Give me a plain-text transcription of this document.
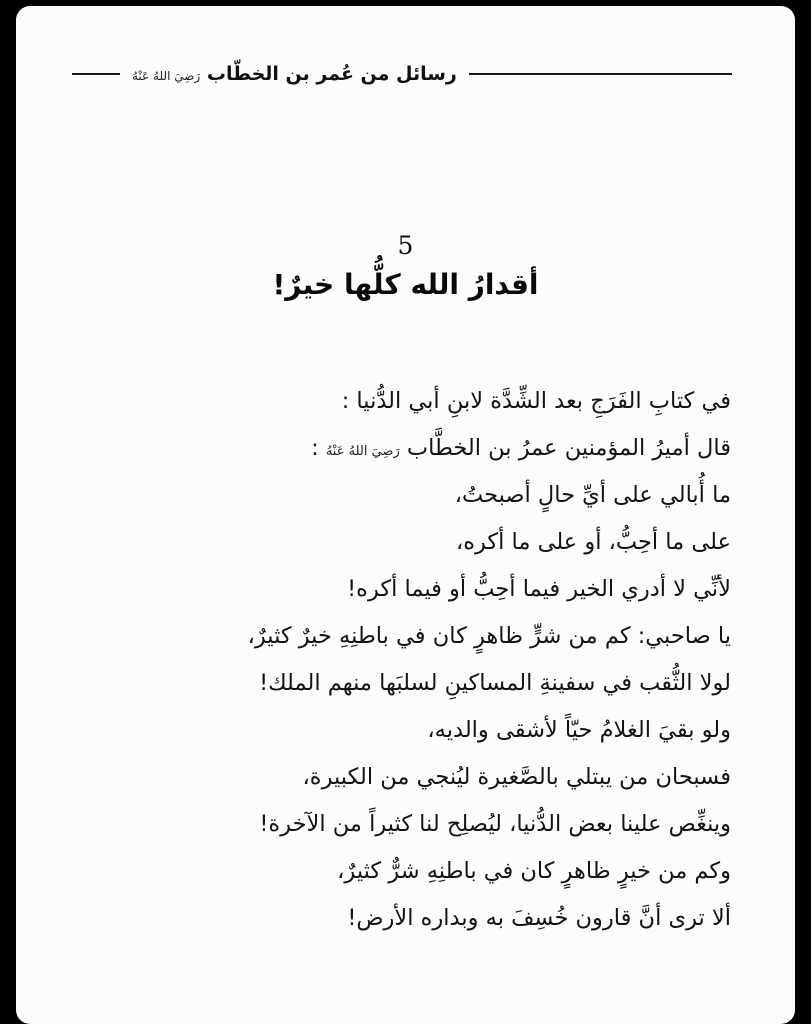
رسائل من عُمر بن الخطّاب رَضِيَ اللهُ عَنْهُ
5
أقدارُ الله كلُّها خيرٌ!
في كتابِ الفَرَجِ بعد الشِّدَّة لابنِ أبي الدُّنيا :
قال أميرُ المؤمنين عمرُ بن الخطَّاب رَضِيَ اللهُ عَنْهُ :
ما أُبالي على أيِّ حالٍ أصبحتُ،
على ما أحِبُّ، أو على ما أكره،
لأنِّي لا أدري الخير فيما أحِبُّ أو فيما أكره!
يا صاحبي: كم من شرٍّ ظاهرٍ كان في باطنِهِ خيرٌ كثيرٌ،
لولا الثُّقب في سفينةِ المساكينِ لسلبَها منهم الملك!
ولو بقيَ الغلامُ حيّاً لأشقى والديه،
فسبحان من يبتلي بالصَّغيرة ليُنجي من الكبيرة،
وينغِّص علينا بعض الدُّنيا، ليُصلِح لنا كثيراً من الآخرة!
وكم من خيرٍ ظاهرٍ كان في باطنِهِ شرٌّ كثيرٌ،
ألا ترى أنَّ قارون خُسِفَ به وبداره الأرض!
